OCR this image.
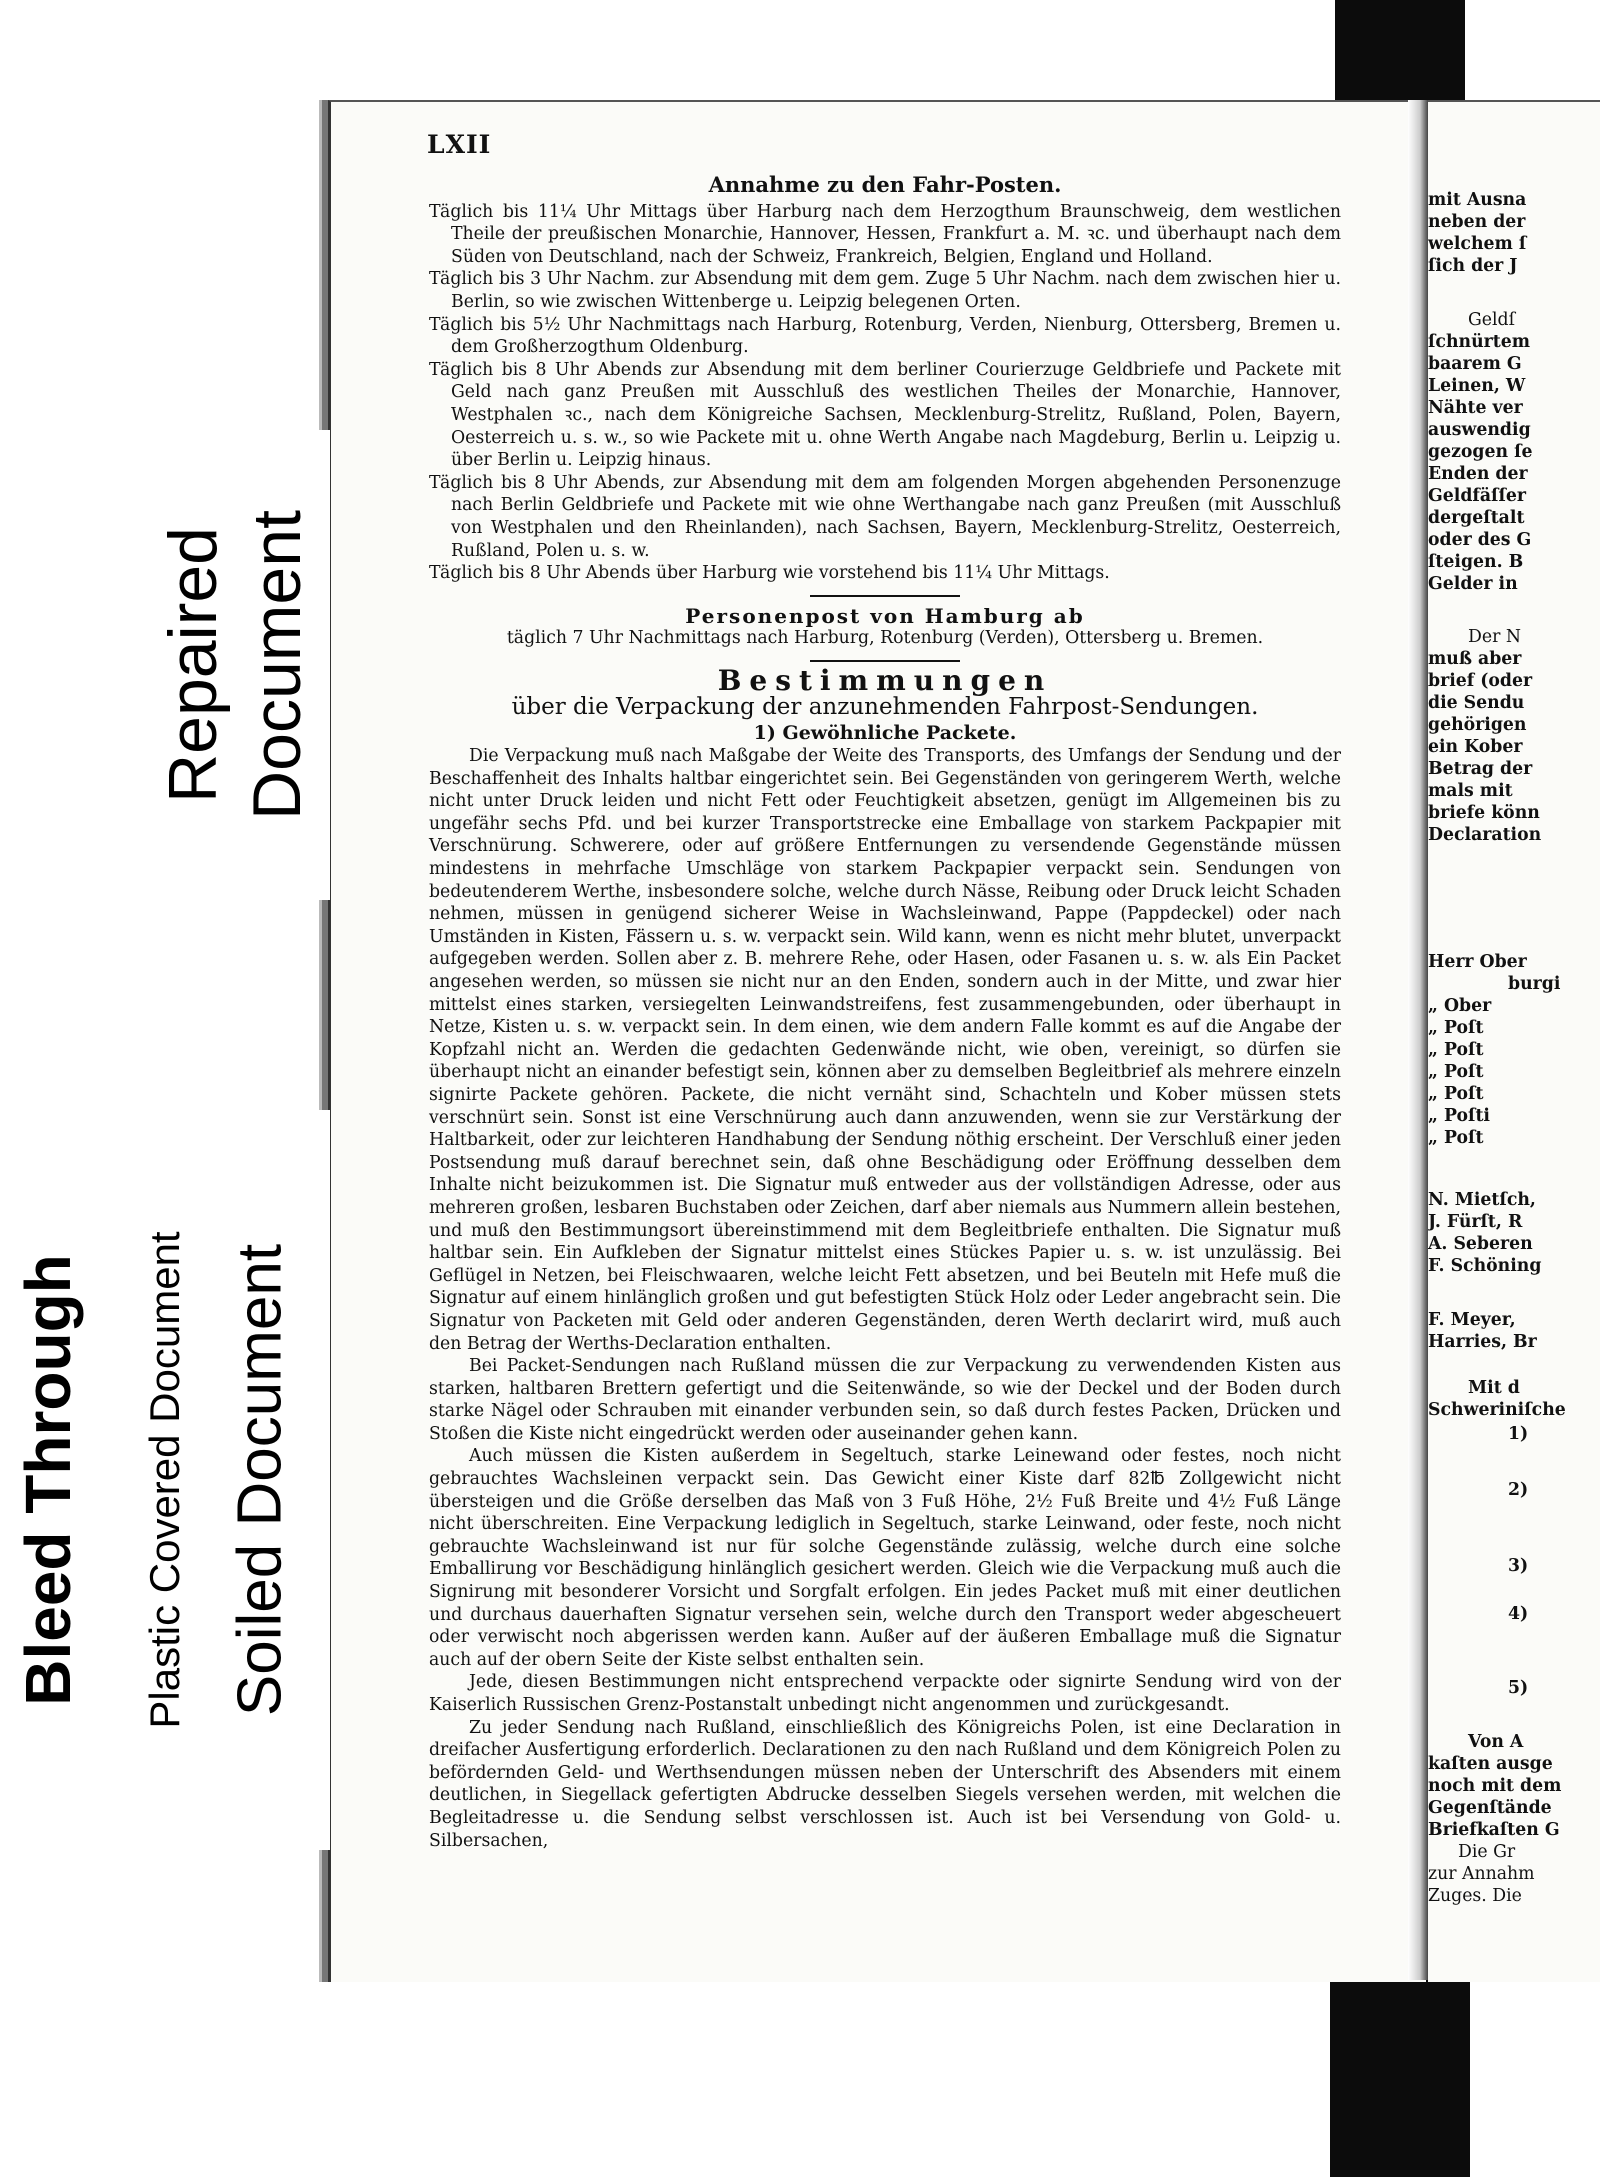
LXII
Annahme zu den Fahr-Posten.

Täglich bis 11¼ Uhr Mittags über Harburg nach dem Herzogthum Braunschweig, dem westlichen Theile der preußischen Monarchie, Hannover, Hessen, Frankfurt a. M. ꝛc. und überhaupt nach dem Süden von Deutschland, nach der Schweiz, Frankreich, Belgien, England und Holland.

Täglich bis 3 Uhr Nachm. zur Absendung mit dem gem. Zuge 5 Uhr Nachm. nach dem zwischen hier u. Berlin, so wie zwischen Wittenberge u. Leipzig belegenen Orten.

Täglich bis 5½ Uhr Nachmittags nach Harburg, Rotenburg, Verden, Nienburg, Ottersberg, Bremen u. dem Großherzogthum Oldenburg.

Täglich bis 8 Uhr Abends zur Absendung mit dem berliner Courierzuge Geldbriefe und Packete mit Geld nach ganz Preußen mit Ausschluß des westlichen Theiles der Monarchie, Hannover, Westphalen ꝛc., nach dem Königreiche Sachsen, Mecklenburg-Strelitz, Rußland, Polen, Bayern, Oesterreich u. s. w., so wie Packete mit u. ohne Werth Angabe nach Magdeburg, Berlin u. Leipzig u. über Berlin u. Leipzig hinaus.

Täglich bis 8 Uhr Abends, zur Absendung mit dem am folgenden Morgen abgehenden Personenzuge nach Berlin Geldbriefe und Packete mit wie ohne Werthangabe nach ganz Preußen (mit Ausschluß von Westphalen und den Rheinlanden), nach Sachsen, Bayern, Mecklenburg-Strelitz, Oesterreich, Rußland, Polen u. s. w.

Täglich bis 8 Uhr Abends über Harburg wie vorstehend bis 11¼ Uhr Mittags.

Personenpost von Hamburg ab

täglich 7 Uhr Nachmittags nach Harburg, Rotenburg (Verden), Ottersberg u. Bremen.

Bestimmungen
über die Verpackung der anzunehmenden Fahrpost-Sendungen.
1) Gewöhnliche Packete.

Die Verpackung muß nach Maßgabe der Weite des Transports, des Umfangs der Sendung und der Beschaffenheit des Inhalts haltbar eingerichtet sein. Bei Gegenständen von geringerem Werth, welche nicht unter Druck leiden und nicht Fett oder Feuchtigkeit absetzen, genügt im Allgemeinen bis zu ungefähr sechs Pfd. und bei kurzer Transportstrecke eine Emballage von starkem Packpapier mit Verschnürung. Schwerere, oder auf größere Entfernungen zu versendende Gegenstände müssen mindestens in mehrfache Umschläge von starkem Packpapier verpackt sein. Sendungen von bedeutenderem Werthe, insbesondere solche, welche durch Nässe, Reibung oder Druck leicht Schaden nehmen, müssen in genügend sicherer Weise in Wachsleinwand, Pappe (Pappdeckel) oder nach Umständen in Kisten, Fässern u. s. w. verpackt sein. Wild kann, wenn es nicht mehr blutet, unverpackt aufgegeben werden. Sollen aber z. B. mehrere Rehe, oder Hasen, oder Fasanen u. s. w. als Ein Packet angesehen werden, so müssen sie nicht nur an den Enden, sondern auch in der Mitte, und zwar hier mittelst eines starken, versiegelten Leinwandstreifens, fest zusammengebunden, oder überhaupt in Netze, Kisten u. s. w. verpackt sein. In dem einen, wie dem andern Falle kommt es auf die Angabe der Kopfzahl nicht an. Werden die gedachten Gedenwände nicht, wie oben, vereinigt, so dürfen sie überhaupt nicht an einander befestigt sein, können aber zu demselben Begleitbrief als mehrere einzeln signirte Packete gehören. Packete, die nicht vernäht sind, Schachteln und Kober müssen stets verschnürt sein. Sonst ist eine Verschnürung auch dann anzuwenden, wenn sie zur Verstärkung der Haltbarkeit, oder zur leichteren Handhabung der Sendung nöthig erscheint. Der Verschluß einer jeden Postsendung muß darauf berechnet sein, daß ohne Beschädigung oder Eröffnung desselben dem Inhalte nicht beizukommen ist. Die Signatur muß entweder aus der vollständigen Adresse, oder aus mehreren großen, lesbaren Buchstaben oder Zeichen, darf aber niemals aus Nummern allein bestehen, und muß den Bestimmungsort übereinstimmend mit dem Begleitbriefe enthalten. Die Signatur muß haltbar sein. Ein Aufkleben der Signatur mittelst eines Stückes Papier u. s. w. ist unzulässig. Bei Geflügel in Netzen, bei Fleischwaaren, welche leicht Fett absetzen, und bei Beuteln mit Hefe muß die Signatur auf einem hinlänglich großen und gut befestigten Stück Holz oder Leder angebracht sein. Die Signatur von Packeten mit Geld oder anderen Gegenständen, deren Werth declarirt wird, muß auch den Betrag der Werths-Declaration enthalten.

Bei Packet-Sendungen nach Rußland müssen die zur Verpackung zu verwendenden Kisten aus starken, haltbaren Brettern gefertigt und die Seitenwände, so wie der Deckel und der Boden durch starke Nägel oder Schrauben mit einander verbunden sein, so daß durch festes Packen, Drücken und Stoßen die Kiste nicht eingedrückt werden oder auseinander gehen kann.

Auch müssen die Kisten außerdem in Segeltuch, starke Leinewand oder festes, noch nicht gebrauchtes Wachsleinen verpackt sein. Das Gewicht einer Kiste darf 82℔ Zollgewicht nicht übersteigen und die Größe derselben das Maß von 3 Fuß Höhe, 2½ Fuß Breite und 4½ Fuß Länge nicht überschreiten. Eine Verpackung lediglich in Segeltuch, starke Leinwand, oder feste, noch nicht gebrauchte Wachsleinwand ist nur für solche Gegenstände zulässig, welche durch eine solche Emballirung vor Beschädigung hinlänglich gesichert werden. Gleich wie die Verpackung muß auch die Signirung mit besonderer Vorsicht und Sorgfalt erfolgen. Ein jedes Packet muß mit einer deutlichen und durchaus dauerhaften Signatur versehen sein, welche durch den Transport weder abgescheuert oder verwischt noch abgerissen werden kann. Außer auf der äußeren Emballage muß die Signatur auch auf der obern Seite der Kiste selbst enthalten sein.

Jede, diesen Bestimmungen nicht entsprechend verpackte oder signirte Sendung wird von der Kaiserlich Russischen Grenz-Postanstalt unbedingt nicht angenommen und zurückgesandt.

Zu jeder Sendung nach Rußland, einschließlich des Königreichs Polen, ist eine Declaration in dreifacher Ausfertigung erforderlich. Declarationen zu den nach Rußland und dem Königreich Polen zu befördernden Geld- und Werthsendungen müssen neben der Unterschrift des Absenders mit einem deutlichen, in Siegellack gefertigten Abdrucke desselben Siegels versehen werden, mit welchen die Begleitadresse u. die Sendung selbst verschlossen ist. Auch ist bei Versendung von Gold- u. Silbersachen,

mit Ausna
neben der
welchem ſ
ſich der J
Geldſ
ſchnürtem
baarem G
Leinen, W
Nähte ver
auswendig
gezogen ſe
Enden der
Geldfäſſer
dergeſtalt
oder des G
ſteigen. B
Gelder in
Der N
muß aber
brief (oder
die Sendu
gehörigen
ein Kober
Betrag der
mals mit
briefe könn
Declaration
Herr Ober
burgi
„ Ober
„ Poſt
„ Poſt
„ Poſt
„ Poſt
„ Poſti
„ Poſt
N. Mietſch,
J. Fürſt, R
A. Seberen
F. Schöning
F. Meyer,
Harries, Br
Mit d
Schweriniſche
1)
2)
3)
4)
5)
Von A
kaſten ausge
noch mit dem
Gegenſtände
Briefkaſten G
Die Gr
zur Annahm
Zuges. Die
Repaired Document
Bleed Through Plastic Covered Document Soiled Document
